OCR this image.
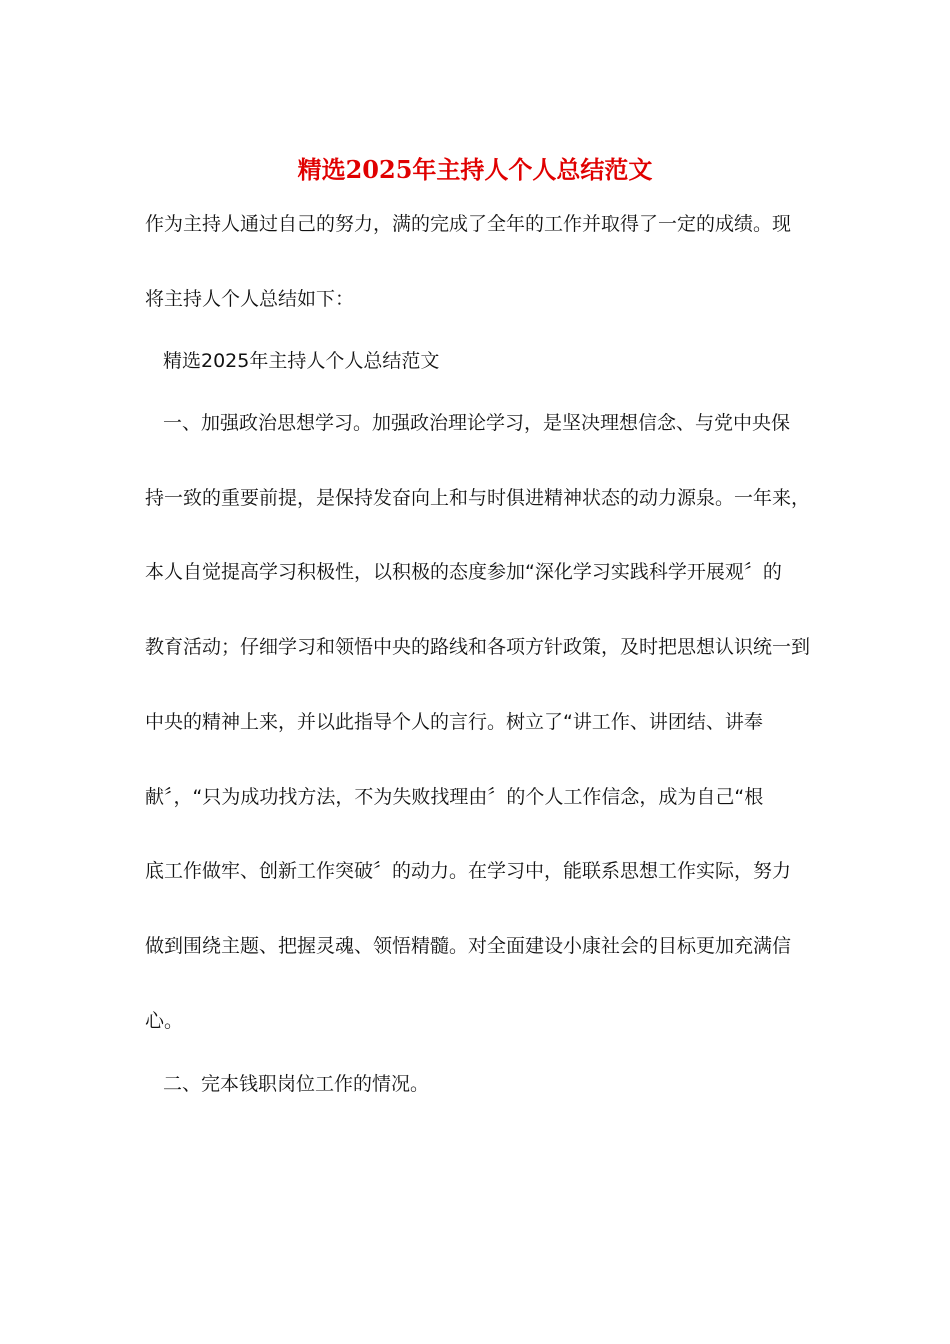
精选2025年主持人个人总结范文
作为主持人通过自己的努力，满的完成了全年的工作并取得了一定的成绩。现
将主持人个人总结如下：
精选2025年主持人个人总结范文
一、加强政治思想学习。加强政治理论学习，是坚决理想信念、与党中央保
持一致的重要前提，是保持发奋向上和与时俱进精神状态的动力源泉。一年来，
本人自觉提高学习积极性，以积极的态度参加“深化学习实践科学开展观〞的
教育活动；仔细学习和领悟中央的路线和各项方针政策，及时把思想认识统一到
中央的精神上来，并以此指导个人的言行。树立了“讲工作、讲团结、讲奉
献〞，“只为成功找方法，不为失败找理由〞的个人工作信念，成为自己“根
底工作做牢、创新工作突破〞的动力。在学习中，能联系思想工作实际，努力
做到围绕主题、把握灵魂、领悟精髓。对全面建设小康社会的目标更加充满信
心。
二、完本钱职岗位工作的情况。
